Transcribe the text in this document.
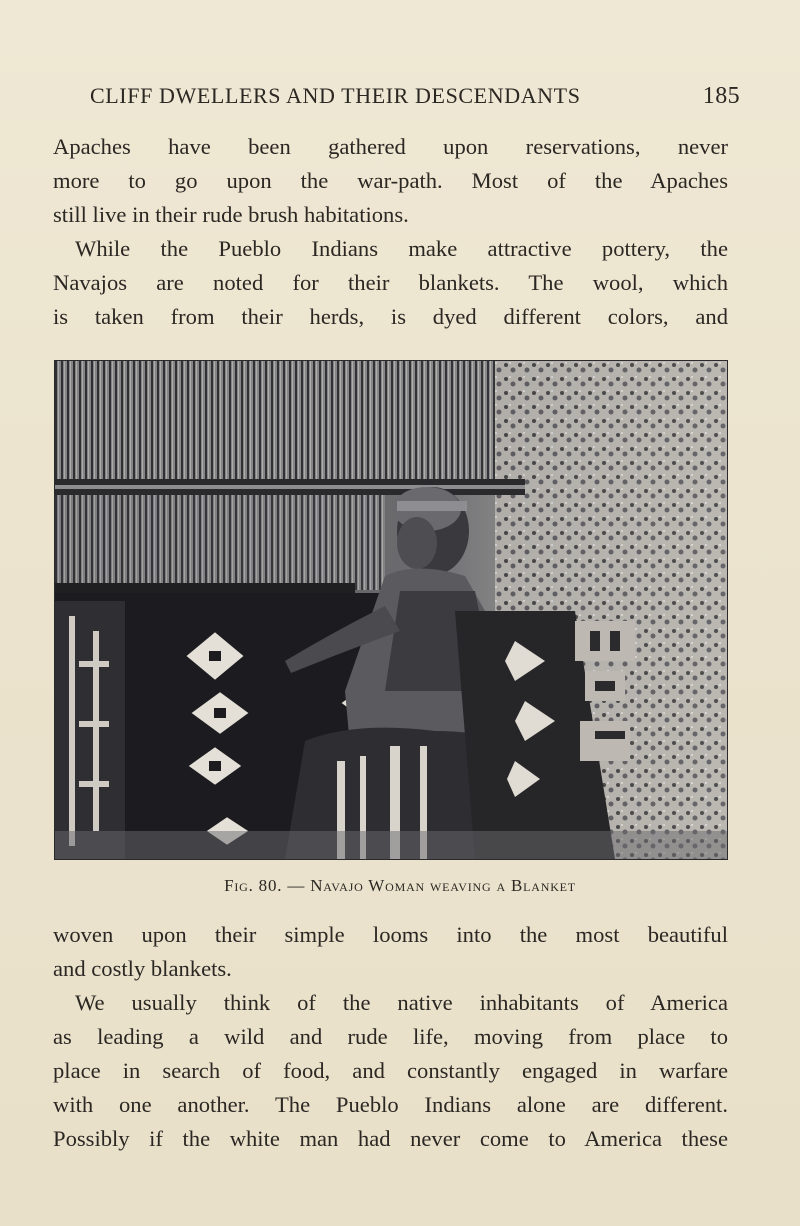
CLIFF DWELLERS AND THEIR DESCENDANTS	185

Apaches have been gathered upon reservations, never
more to go upon the war-path. Most of the Apaches
still live in their rude brush habitations.

While the Pueblo Indians make attractive pottery, the
Navajos are noted for their blankets. The wool, which
is taken from their herds, is dyed different colors, and

Fig. 80. — Navajo Woman weaving a Blanket

woven upon their simple looms into the most beautiful
and costly blankets.

We usually think of the native inhabitants of America
as leading a wild and rude life, moving from place to
place in search of food, and constantly engaged in warfare
with one another. The Pueblo Indians alone are different.
Possibly if the white man had never come to America these
